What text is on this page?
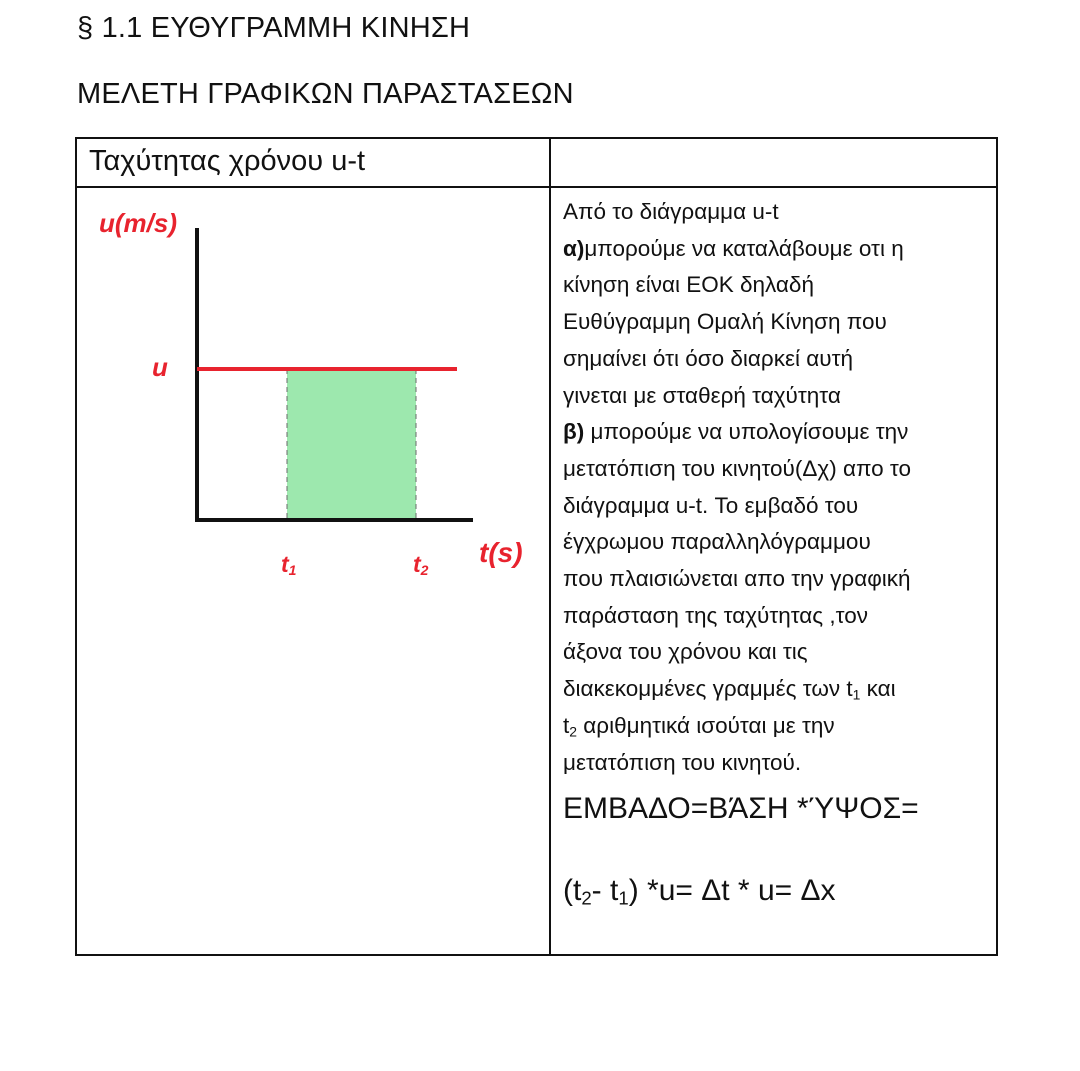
§ 1.1 ΕΥΘΥΓΡΑΜΜΗ ΚΙΝΗΣΗ
ΜΕΛΕΤΗ ΓΡΑΦΙΚΩΝ ΠΑΡΑΣΤΑΣΕΩΝ
Ταχύτητας χρόνου u-t
u(m/s)
u
t(s)
t1	t2
Από το διάγραμμα u-t
α)μπορούμε να καταλάβουμε οτι η
κίνηση είναι ΕΟΚ δηλαδή
Ευθύγραμμη Ομαλή Κίνηση που
σημαίνει ότι όσο διαρκεί αυτή
γινεται με σταθερή ταχύτητα
β) μπορούμε να υπολογίσουμε την
μετατόπιση του κινητού(Δχ) απο το
διάγραμμα u-t. Το εμβαδό του
έγχρωμου παραλληλόγραμμου
που πλαισιώνεται απο την γραφική
παράσταση της ταχύτητας ,τον
άξονα του χρόνου και τις
διακεκομμένες γραμμές των $t_1$ και
$t_2$ αριθμητικά ισούται με την
μετατόπιση του κινητού.
ΕΜΒΑΔΟ=ΒΆΣΗ *ΎΨΟΣ=
($t_2-$ $t_1$) *u= Δt * u= Δx
